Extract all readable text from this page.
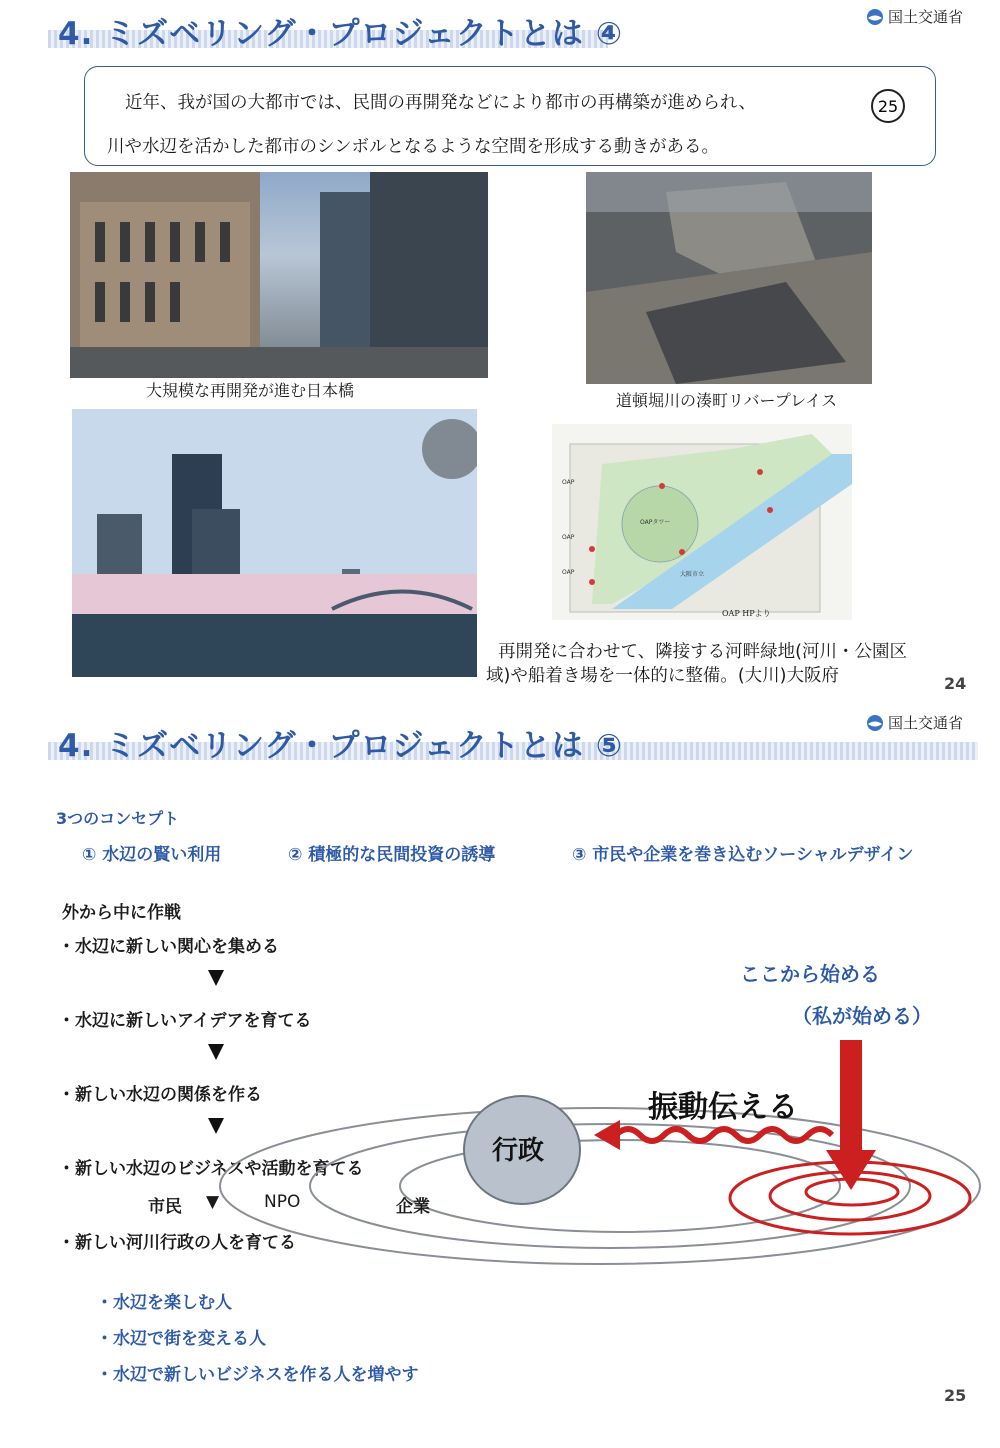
4. ミズベリング・プロジェクトとは ④	国土交通省

近年、我が国の大都市では、民間の再開発などにより都市の再構築が進められ、

川や水辺を活かした都市のシンボルとなるような空間を形成する動きがある。

25
大規模な再開発が進む日本橋
道頓堀川の湊町リバープレイス
OAP
OAP
OAP	大阪市立
OAPタワー
OAP HPより
再開発に合わせて、隣接する河畔緑地(河川・公園区
域)や船着き場を一体的に整備。(大川)大阪府	24
4. ミズベリング・プロジェクトとは ⑤
国土交通省
3つのコンセプト
① 水辺の賢い利用	② 積極的な民間投資の誘導	③ 市民や企業を巻き込むソーシャルデザイン
外から中に作戦
・水辺に新しい関心を集める
・水辺に新しいアイデアを育てる
・新しい水辺の関係を作る
・新しい水辺のビジネスや活動を育てる
・新しい河川行政の人を育てる
行政
振動伝える
ここから始める
（私が始める）
市民 ▼	NPO	企業
・水辺を楽しむ人
・水辺で街を変える人
・水辺で新しいビジネスを作る人を増やす
25
